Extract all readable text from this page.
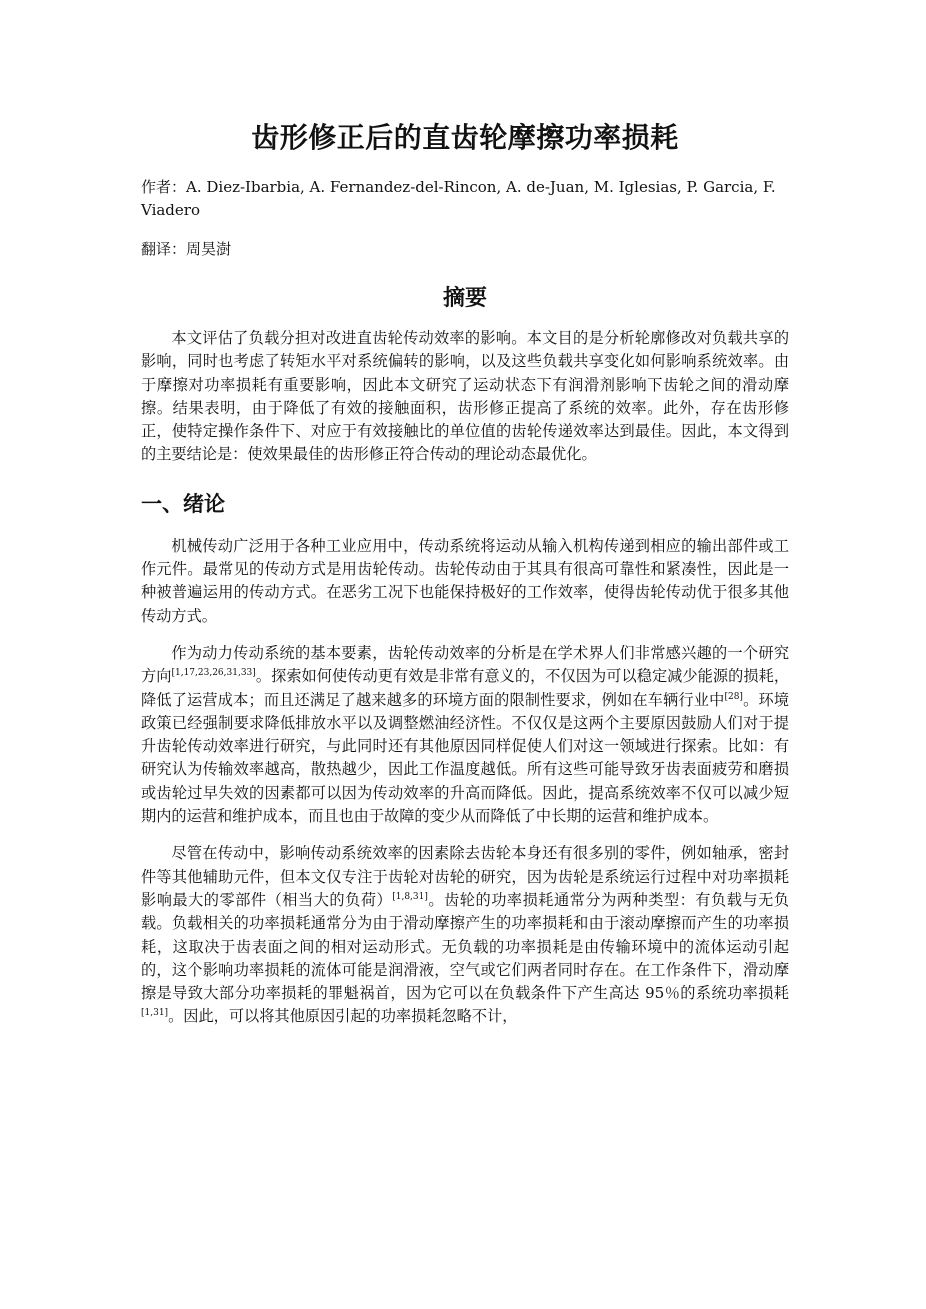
齿形修正后的直齿轮摩擦功率损耗

作者：A. Diez-Ibarbia, A. Fernandez-del-Rincon, A. de-Juan, M. Iglesias, P. Garcia, F. Viadero

翻译：周昊澍

摘要

本文评估了负载分担对改进直齿轮传动效率的影响。本文目的是分析轮廓修改对负载共享的影响，同时也考虑了转矩水平对系统偏转的影响，以及这些负载共享变化如何影响系统效率。由于摩擦对功率损耗有重要影响，因此本文研究了运动状态下有润滑剂影响下齿轮之间的滑动摩擦。结果表明，由于降低了有效的接触面积，齿形修正提高了系统的效率。此外，存在齿形修正，使特定操作条件下、对应于有效接触比的单位值的齿轮传递效率达到最佳。因此，本文得到的主要结论是：使效果最佳的齿形修正符合传动的理论动态最优化。

一、绪论

机械传动广泛用于各种工业应用中，传动系统将运动从输入机构传递到相应的输出部件或工作元件。最常见的传动方式是用齿轮传动。齿轮传动由于其具有很高可靠性和紧凑性，因此是一种被普遍运用的传动方式。在恶劣工况下也能保持极好的工作效率，使得齿轮传动优于很多其他传动方式。

作为动力传动系统的基本要素，齿轮传动效率的分析是在学术界人们非常感兴趣的一个研究方向[1,17,23,26,31,33]。探索如何使传动更有效是非常有意义的，不仅因为可以稳定减少能源的损耗，降低了运营成本；而且还满足了越来越多的环境方面的限制性要求，例如在车辆行业中[28]。环境政策已经强制要求降低排放水平以及调整燃油经济性。不仅仅是这两个主要原因鼓励人们对于提升齿轮传动效率进行研究，与此同时还有其他原因同样促使人们对这一领域进行探索。比如：有研究认为传输效率越高，散热越少，因此工作温度越低。所有这些可能导致牙齿表面疲劳和磨损或齿轮过早失效的因素都可以因为传动效率的升高而降低。因此，提高系统效率不仅可以减少短期内的运营和维护成本，而且也由于故障的变少从而降低了中长期的运营和维护成本。

尽管在传动中，影响传动系统效率的因素除去齿轮本身还有很多别的零件，例如轴承，密封件等其他辅助元件，但本文仅专注于齿轮对齿轮的研究，因为齿轮是系统运行过程中对功率损耗影响最大的零部件（相当大的负荷）[1,8,31]。齿轮的功率损耗通常分为两种类型：有负载与无负载。负载相关的功率损耗通常分为由于滑动摩擦产生的功率损耗和由于滚动摩擦而产生的功率损耗，这取决于齿表面之间的相对运动形式。无负载的功率损耗是由传输环境中的流体运动引起的，这个影响功率损耗的流体可能是润滑液，空气或它们两者同时存在。在工作条件下，滑动摩擦是导致大部分功率损耗的罪魁祸首，因为它可以在负载条件下产生高达 95％的系统功率损耗[1,31]。因此，可以将其他原因引起的功率损耗忽略不计，
